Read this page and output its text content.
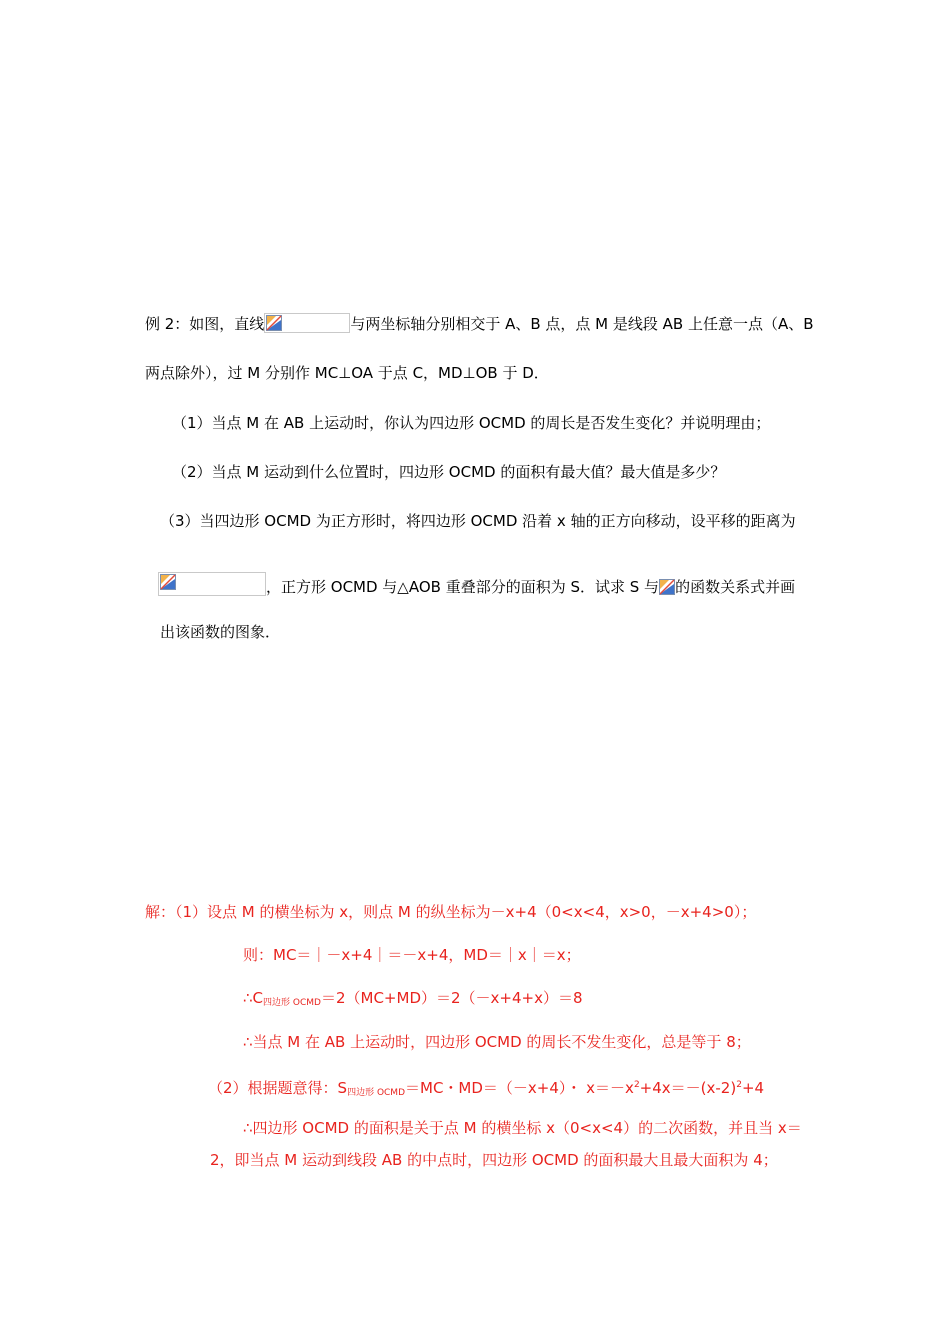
例 2：如图，直线	与两坐标轴分别相交于 A、B 点，点 M 是线段 AB 上任意一点（A、B
两点除外），过 M 分别作 MC⊥OA 于点 C，MD⊥OB 于 D．
（1）当点 M 在 AB 上运动时，你认为四边形 OCMD 的周长是否发生变化？并说明理由；
（2）当点 M 运动到什么位置时，四边形 OCMD 的面积有最大值？最大值是多少？
（3）当四边形 OCMD 为正方形时，将四边形 OCMD 沿着 x 轴的正方向移动，设平移的距离为
，正方形 OCMD 与△AOB 重叠部分的面积为 S．试求 S 与 的函数关系式并画
出该函数的图象．
解：（1）设点 M 的横坐标为 x，则点 M 的纵坐标为－x+4（0<x<4，x>0，－x+4>0）；
则：MC＝｜－x+4｜＝－x+4，MD＝｜x｜＝x；
$\therefore C_{四边形 OCMD}=2(MC+MD)=2(-x+4+x)=8$
∴当点 M 在 AB 上运动时，四边形 OCMD 的周长不发生变化，总是等于 8；
（2）根据题意得：$S_{四边形 OCMD}=MC$・MD＝（－x+4）・ $x=-x^2+4x=-(x-2)^2+4$
∴四边形 OCMD 的面积是关于点 M 的横坐标 x（0<x<4）的二次函数，并且当 x＝
2，即当点 M 运动到线段 AB 的中点时，四边形 OCMD 的面积最大且最大面积为 4；
